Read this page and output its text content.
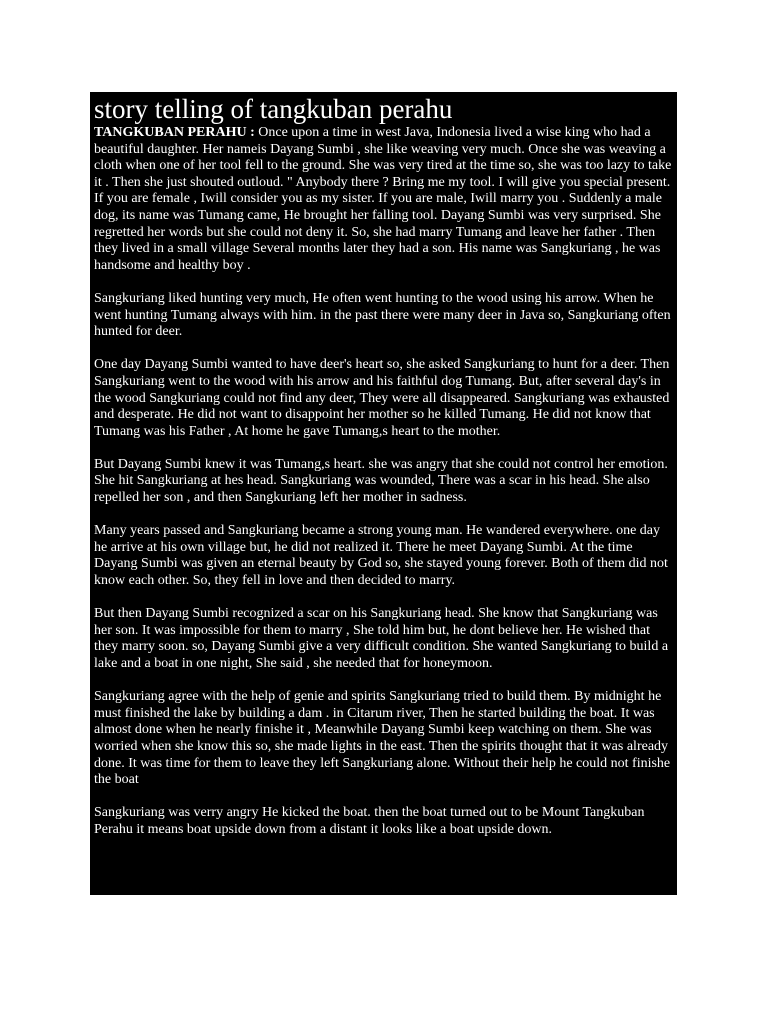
story telling of tangkuban perahu

TANGKUBAN PERAHU : Once upon a time in west Java, Indonesia lived a wise king who had a beautiful daughter. Her nameis Dayang Sumbi , she like weaving very much. Once she was weaving a cloth when one of her tool fell to the ground. She was very tired at the time so, she was too lazy to take it . Then she just shouted outloud. " Anybody there ? Bring me my tool. I will give you special present. If you are female , Iwill consider you as my sister. If you are male, Iwill marry you . Suddenly a male dog, its name was Tumang came, He brought her falling tool. Dayang Sumbi was very surprised. She regretted her words but she could not deny it. So, she had marry Tumang and leave her father . Then they lived in a small village Several months later they had a son. His name was Sangkuriang , he was handsome and healthy boy .

Sangkuriang liked hunting very much, He often went hunting to the wood using his arrow. When he went hunting Tumang always with him. in the past there were many deer in Java so, Sangkuriang often hunted for deer.

One day Dayang Sumbi wanted to have deer's heart so, she asked Sangkuriang to hunt for a deer. Then Sangkuriang went to the wood with his arrow and his faithful dog Tumang. But, after several day's in the wood Sangkuriang could not find any deer, They were all disappeared. Sangkuriang was exhausted and desperate. He did not want to disappoint her mother so he killed Tumang. He did not know that Tumang was his Father , At home he gave Tumang,s heart to the mother.

But Dayang Sumbi knew it was Tumang,s heart. she was angry that she could not control her emotion. She hit Sangkuriang at hes head. Sangkuriang was wounded, There was a scar in his head. She also repelled her son , and then Sangkuriang left her mother in sadness.

Many years passed and Sangkuriang became a strong young man. He wandered everywhere. one day he arrive at his own village but, he did not realized it. There he meet Dayang Sumbi. At the time Dayang Sumbi was given an eternal beauty by God so, she stayed young forever. Both of them did not know each other. So, they fell in love and then decided to marry.

But then Dayang Sumbi recognized a scar on his Sangkuriang head. She know that Sangkuriang was her son. It was impossible for them to marry , She told him but, he dont believe her. He wished that they marry soon. so, Dayang Sumbi give a very difficult condition. She wanted Sangkuriang to build a lake and a boat in one night, She said , she needed that for honeymoon.

Sangkuriang agree with the help of genie and spirits Sangkuriang tried to build them. By midnight he must finished the lake by building a dam . in Citarum river, Then he started building the boat. It was almost done when he nearly finishe it , Meanwhile Dayang Sumbi keep watching on them. She was worried when she know this so, she made lights in the east. Then the spirits thought that it was already done. It was time for them to leave they left Sangkuriang alone. Without their help he could not finishe the boat

Sangkuriang was verry angry He kicked the boat. then the boat turned out to be Mount Tangkuban Perahu it means boat upside down from a distant it looks like a boat upside down.
